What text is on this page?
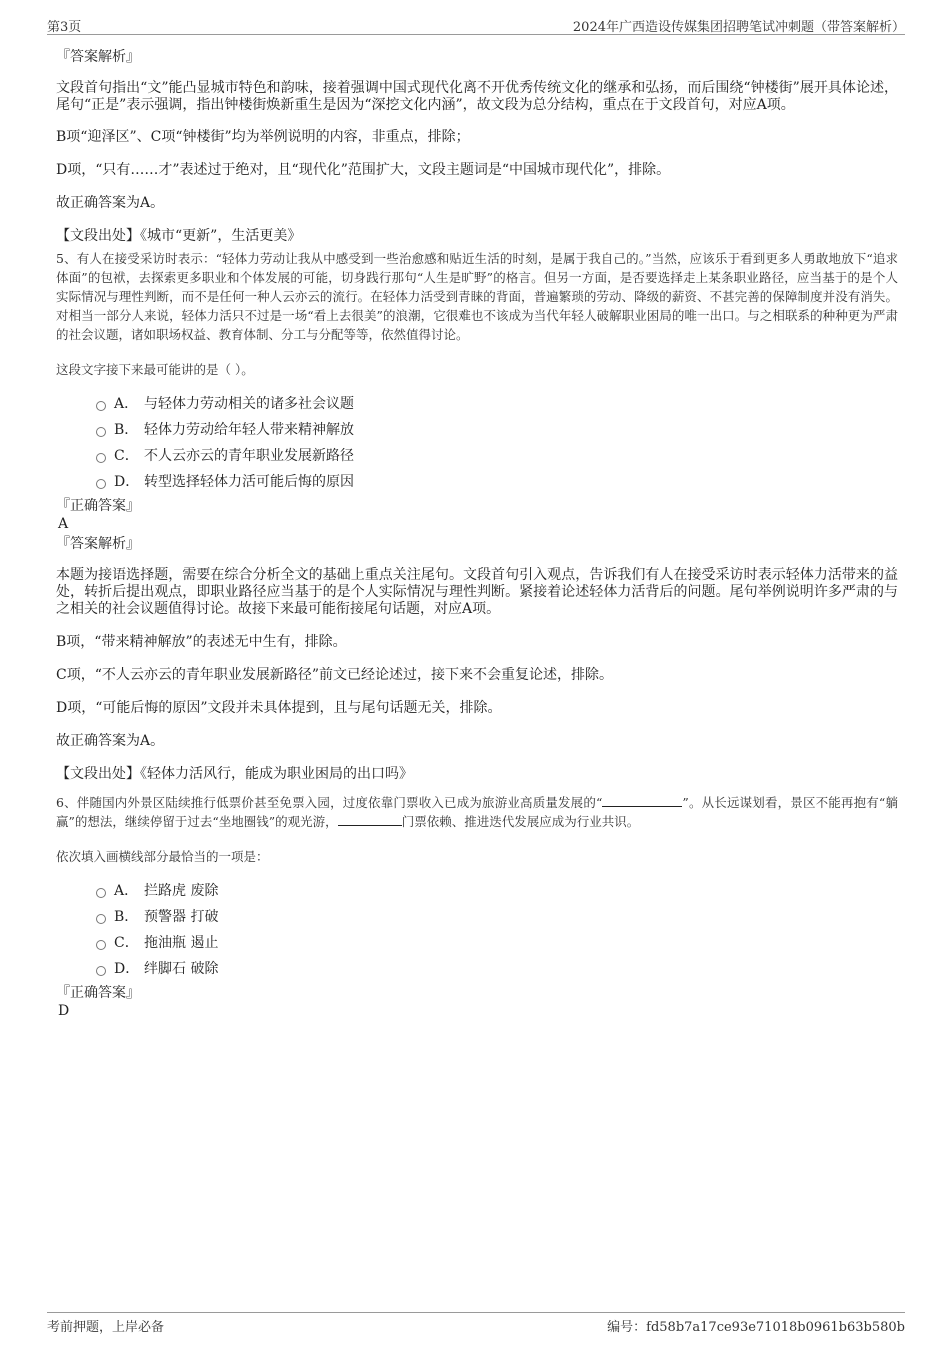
第3页	2024年广西造设传媒集团招聘笔试冲刺题（带答案解析）

『答案解析』

文段首句指出“文”能凸显城市特色和韵味，接着强调中国式现代化离不开优秀传统文化的继承和弘扬，而后围绕“钟楼街”展开具体论述，尾句“正是”表示强调，指出钟楼街焕新重生是因为“深挖文化内涵”，故文段为总分结构，重点在于文段首句，对应A项。

B项“迎泽区”、C项“钟楼街”均为举例说明的内容，非重点，排除；

D项，“只有……才”表述过于绝对，且“现代化”范围扩大，文段主题词是“中国城市现代化”，排除。

故正确答案为A。

【文段出处】《城市“更新”，生活更美》

5、有人在接受采访时表示：“轻体力劳动让我从中感受到一些治愈感和贴近生活的时刻，是属于我自己的。”当然，应该乐于看到更多人勇敢地放下“追求体面”的包袱，去探索更多职业和个体发展的可能，切身践行那句“人生是旷野”的格言。但另一方面，是否要选择走上某条职业路径，应当基于的是个人实际情况与理性判断，而不是任何一种人云亦云的流行。在轻体力活受到青睐的背面，普遍繁琐的劳动、降级的薪资、不甚完善的保障制度并没有消失。对相当一部分人来说，轻体力活只不过是一场“看上去很美”的浪潮，它很难也不该成为当代年轻人破解职业困局的唯一出口。与之相联系的种种更为严肃的社会议题，诸如职场权益、教育体制、分工与分配等等，依然值得讨论。

这段文字接下来最可能讲的是（ ）。

A． 与轻体力劳动相关的诸多社会议题
B． 轻体力劳动给年轻人带来精神解放
C． 不人云亦云的青年职业发展新路径
D． 转型选择轻体力活可能后悔的原因

『正确答案』

A

『答案解析』

本题为接语选择题，需要在综合分析全文的基础上重点关注尾句。文段首句引入观点，告诉我们有人在接受采访时表示轻体力活带来的益处，转折后提出观点，即职业路径应当基于的是个人实际情况与理性判断。紧接着论述轻体力活背后的问题。尾句举例说明许多严肃的与之相关的社会议题值得讨论。故接下来最可能衔接尾句话题，对应A项。

B项，“带来精神解放”的表述无中生有，排除。

C项，“不人云亦云的青年职业发展新路径”前文已经论述过，接下来不会重复论述，排除。

D项，“可能后悔的原因”文段并未具体提到，且与尾句话题无关，排除。

故正确答案为A。

【文段出处】《轻体力活风行，能成为职业困局的出口吗》

6、伴随国内外景区陆续推行低票价甚至免票入园，过度依靠门票收入已成为旅游业高质量发展的“	”。从长远谋划看，景区不能再抱有“躺赢”的想法，继续停留于过去“坐地圈钱”的观光游，	门票依赖、推进迭代发展应成为行业共识。

依次填入画横线部分最恰当的一项是：

A． 拦路虎 废除
B． 预警器 打破
C． 拖油瓶 遏止
D． 绊脚石 破除

『正确答案』

D

考前押题，上岸必备	编号：fd58b7a17ce93e71018b0961b63b580b
